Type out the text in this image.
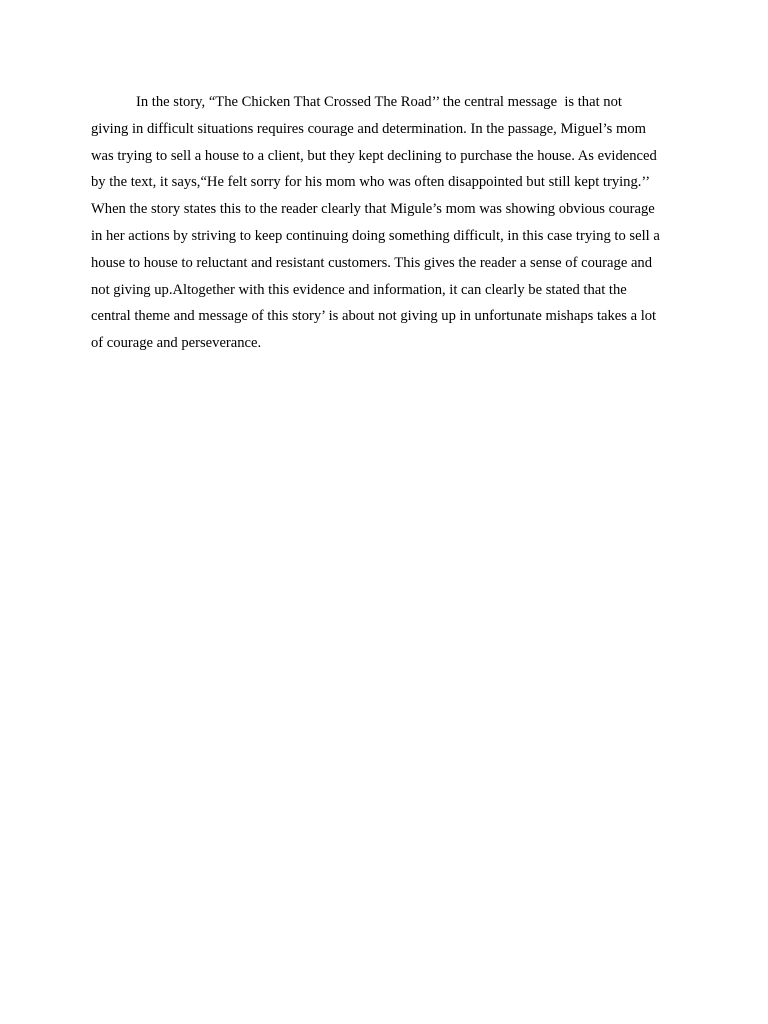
In the story, “The Chicken That Crossed The Road’’ the central message  is that not
giving in difficult situations requires courage and determination. In the passage, Miguel’s mom
was trying to sell a house to a client, but they kept declining to purchase the house. As evidenced
by the text, it says,“He felt sorry for his mom who was often disappointed but still kept trying.’’
When the story states this to the reader clearly that Migule’s mom was showing obvious courage
in her actions by striving to keep continuing doing something difficult, in this case trying to sell a
house to house to reluctant and resistant customers. This gives the reader a sense of courage and
not giving up.Altogether with this evidence and information, it can clearly be stated that the
central theme and message of this story’ is about not giving up in unfortunate mishaps takes a lot
of courage and perseverance.
